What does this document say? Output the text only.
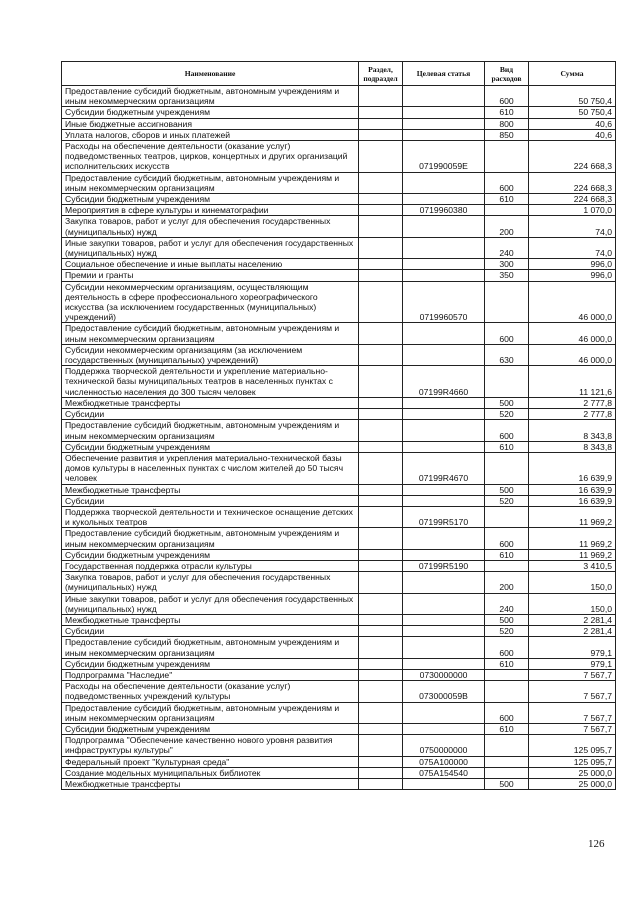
Наименование	Раздел, подраздел	Целевая статья	Вид расходов	Сумма
Предоставление субсидий бюджетным, автономным учреждениям и иным некоммерческим организациям			600	50 750,4
Субсидии бюджетным учреждениям			610	50 750,4
Иные бюджетные ассигнования			800	40,6
Уплата налогов, сборов и иных платежей			850	40,6
Расходы на обеспечение деятельности (оказание услуг) подведомственных театров, цирков, концертных и других организаций исполнительских искусств		071990059Е		224 668,3
Предоставление субсидий бюджетным, автономным учреждениям и иным некоммерческим организациям			600	224 668,3
Субсидии бюджетным учреждениям			610	224 668,3
Мероприятия в сфере культуры и кинематографии		0719960380		1 070,0
Закупка товаров, работ и услуг для обеспечения государственных (муниципальных) нужд			200	74,0
Иные закупки товаров, работ и услуг для обеспечения государственных (муниципальных) нужд			240	74,0
Социальное обеспечение и иные выплаты населению			300	996,0
Премии и гранты			350	996,0
Субсидии некоммерческим организациям, осуществляющим деятельность в сфере профессионального хореографического искусства (за исключением государственных (муниципальных) учреждений)		0719960570		46 000,0
Предоставление субсидий бюджетным, автономным учреждениям и иным некоммерческим организациям			600	46 000,0
Субсидии некоммерческим организациям (за исключением государственных (муниципальных) учреждений)			630	46 000,0
Поддержка творческой деятельности и укрепление материально-технической базы муниципальных театров в населенных пунктах с численностью населения до 300 тысяч человек		07199R4660		11 121,6
Межбюджетные трансферты			500	2 777,8
Субсидии			520	2 777,8
Предоставление субсидий бюджетным, автономным учреждениям и иным некоммерческим организациям			600	8 343,8
Субсидии бюджетным учреждениям			610	8 343,8
Обеспечение развития и укрепления материально-технической базы домов культуры в населенных пунктах с числом жителей до 50 тысяч человек		07199R4670		16 639,9
Межбюджетные трансферты			500	16 639,9
Субсидии			520	16 639,9
Поддержка творческой деятельности и техническое оснащение детских и кукольных театров		07199R5170		11 969,2
Предоставление субсидий бюджетным, автономным учреждениям и иным некоммерческим организациям			600	11 969,2
Субсидии бюджетным учреждениям			610	11 969,2
Государственная поддержка отрасли культуры		07199R5190		3 410,5
Закупка товаров, работ и услуг для обеспечения государственных (муниципальных) нужд			200	150,0
Иные закупки товаров, работ и услуг для обеспечения государственных (муниципальных) нужд			240	150,0
Межбюджетные трансферты			500	2 281,4
Субсидии			520	2 281,4
Предоставление субсидий бюджетным, автономным учреждениям и иным некоммерческим организациям			600	979,1
Субсидии бюджетным учреждениям			610	979,1
Подпрограмма "Наследие"		0730000000		7 567,7
Расходы на обеспечение деятельности (оказание услуг) подведомственных учреждений культуры		073000059В		7 567,7
Предоставление субсидий бюджетным, автономным учреждениям и иным некоммерческим организациям			600	7 567,7
Субсидии бюджетным учреждениям			610	7 567,7
Подпрограмма "Обеспечение качественно нового уровня развития инфраструктуры культуры"		0750000000		125 095,7
Федеральный проект "Культурная среда"		075А100000		125 095,7
Создание модельных муниципальных библиотек		075А154540		25 000,0
Межбюджетные трансферты			500	25 000,0
126
